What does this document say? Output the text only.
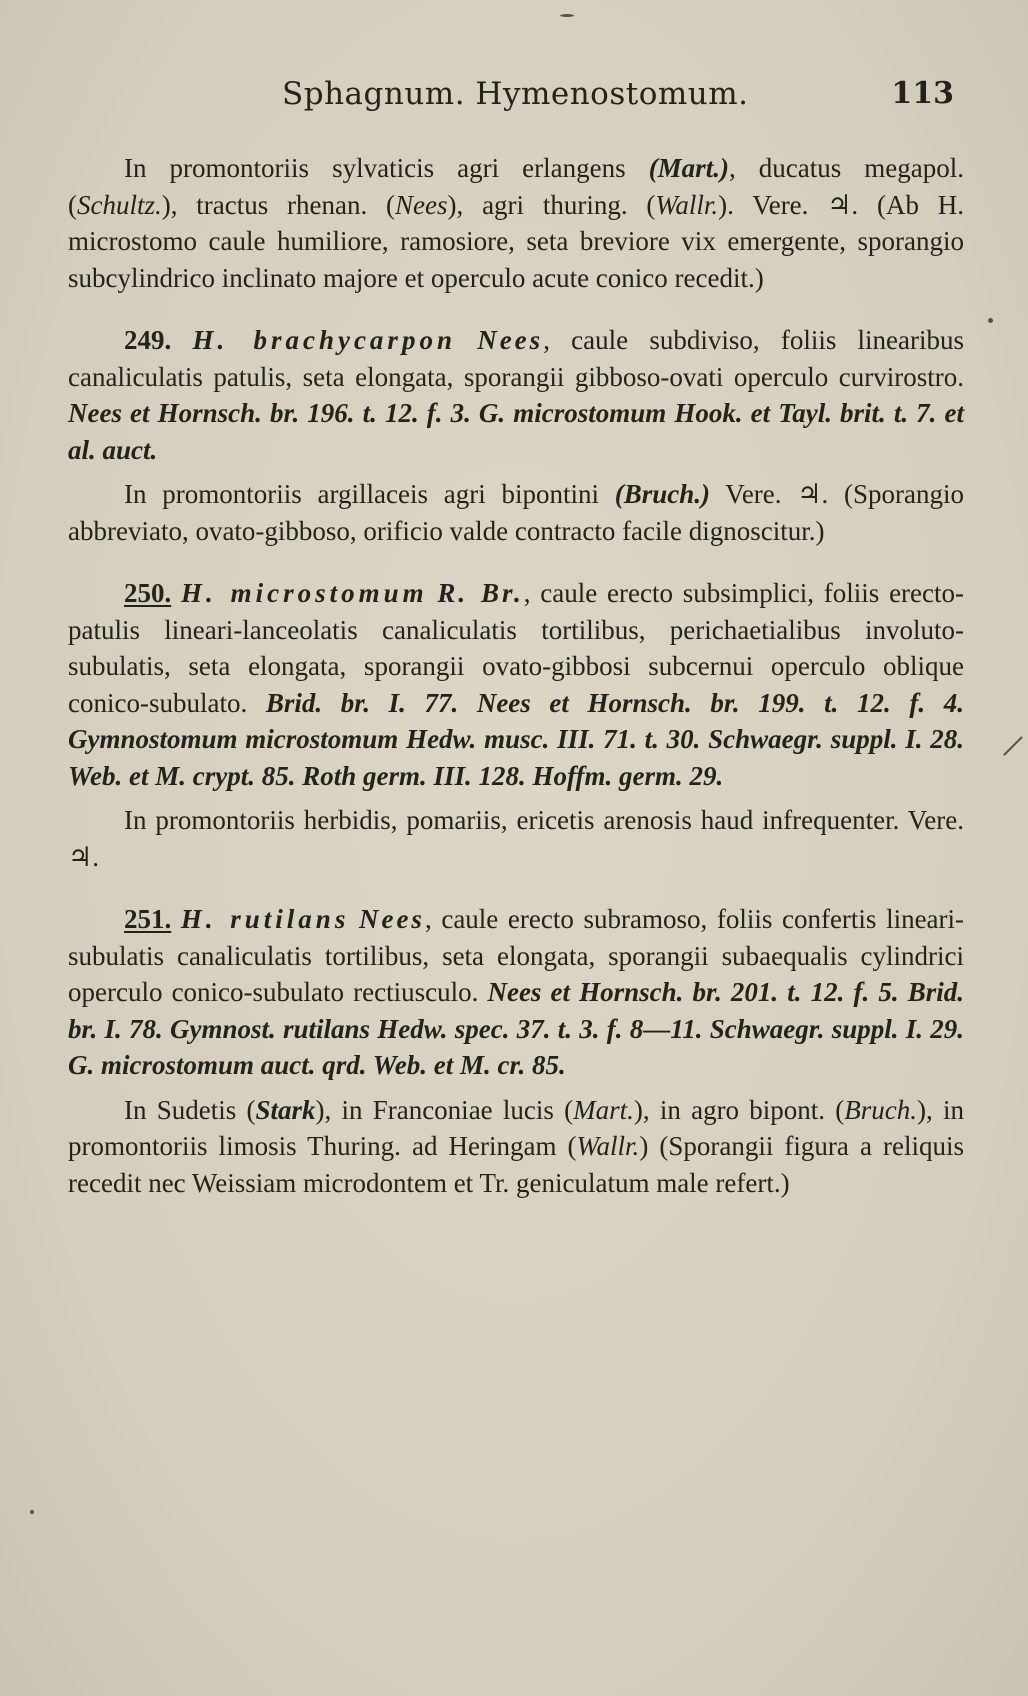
Sphagnum. Hymenostomum.	113

In promontoriis sylvaticis agri erlangens (Mart.), ducatus megapol. (Schultz.), tractus rhenan. (Nees), agri thuring. (Wallr.). Vere. ♃. (Ab H. microstomo caule humiliore, ramosiore, seta breviore vix emergente, sporangio subcylindrico inclinato majore et operculo acute conico recedit.)

249. H. brachycarpon Nees, caule subdiviso, foliis linearibus canaliculatis patulis, seta elongata, sporangii gibboso-ovati operculo curvirostro. Nees et Hornsch. br. 196. t. 12. f. 3. G. microstomum Hook. et Tayl. brit. t. 7. et al. auct.

In promontoriis argillaceis agri bipontini (Bruch.) Vere. ♃. (Sporangio abbreviato, ovato-gibboso, orificio valde contracto facile dignoscitur.)

250. H. microstomum R. Br., caule erecto subsimplici, foliis erecto-patulis lineari-lanceolatis canaliculatis tortilibus, perichaetialibus involuto-subulatis, seta elongata, sporangii ovato-gibbosi subcernui operculo oblique conico-subulato. Brid. br. I. 77. Nees et Hornsch. br. 199. t. 12. f. 4. Gymnostomum microstomum Hedw. musc. III. 71. t. 30. Schwaegr. suppl. I. 28. Web. et M. crypt. 85. Roth germ. III. 128. Hoffm. germ. 29.

In promontoriis herbidis, pomariis, ericetis arenosis haud infrequenter. Vere. ♃.

251. H. rutilans Nees, caule erecto subramoso, foliis confertis lineari-subulatis canaliculatis tortilibus, seta elongata, sporangii subaequalis cylindrici operculo conico-subulato rectiusculo. Nees et Hornsch. br. 201. t. 12. f. 5. Brid. br. I. 78. Gymnost. rutilans Hedw. spec. 37. t. 3. f. 8—11. Schwaegr. suppl. I. 29. G. microstomum auct. qrd. Web. et M. cr. 85.

In Sudetis (Stark), in Franconiae lucis (Mart.), in agro bipont. (Bruch.), in promontoriis limosis Thuring. ad Heringam (Wallr.) (Sporangii figura a reliquis recedit nec Weissiam microdontem et Tr. geniculatum male refert.)
